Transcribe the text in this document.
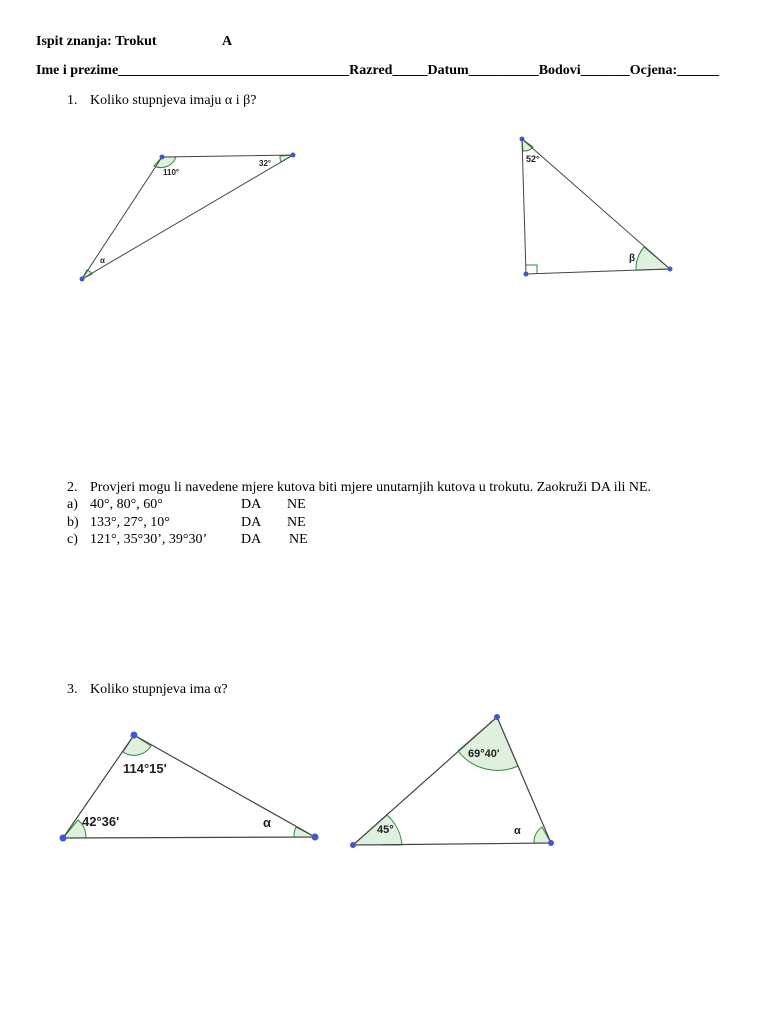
Ispit znanja: Trokut	A
Ime i prezime_________________________________Razred_____Datum__________Bodovi_______Ocjena:______
1. Koliko stupnjeva imaju α i β?
110°
32°
α
52°
β
114°15'
42°36'	α
69°40'
45°	α
2. Provjeri mogu li navedene mjere kutova biti mjere unutarnjih kutova u trokutu. Zaokruži DA ili NE.
a) 40°, 80°, 60°	DA NE
b) 133°, 27°, 10°	DA NE
c) 121°, 35°30’, 39°30’ DA NE
3. Koliko stupnjeva ima α?
